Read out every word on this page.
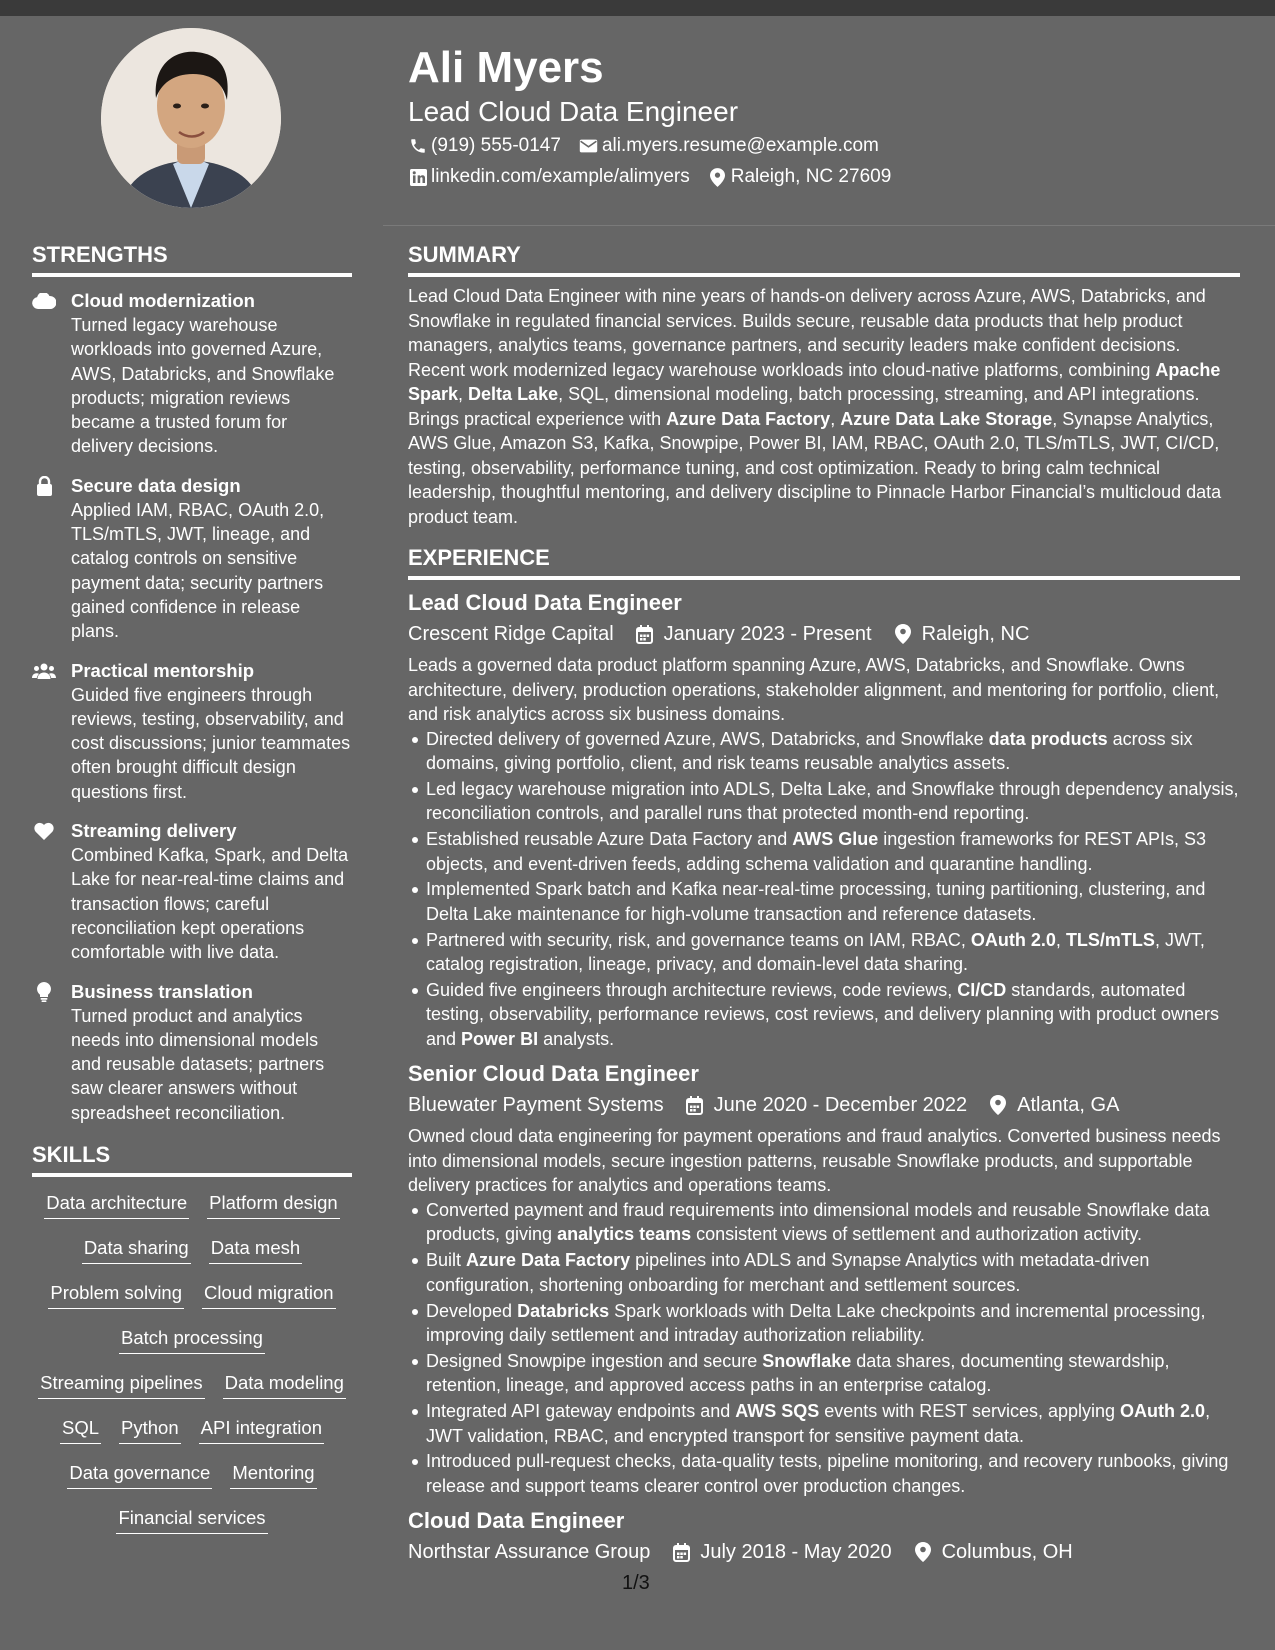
Ali Myers
Lead Cloud Data Engineer
(919) 555-0147 ali.myers.resume@example.com
linkedin.com/example/alimyers Raleigh, NC 27609
STRENGTHS
Cloud modernization
Turned legacy warehouse workloads into governed Azure, AWS, Databricks, and Snowflake products; migration reviews became a trusted forum for delivery decisions.
Secure data design
Applied IAM, RBAC, OAuth 2.0, TLS/mTLS, JWT, lineage, and catalog controls on sensitive payment data; security partners gained confidence in release plans.
Practical mentorship
Guided five engineers through reviews, testing, observability, and cost discussions; junior teammates often brought difficult design questions first.
Streaming delivery
Combined Kafka, Spark, and Delta Lake for near-real-time claims and transaction flows; careful reconciliation kept operations comfortable with live data.
Business translation
Turned product and analytics needs into dimensional models and reusable datasets; partners saw clearer answers without spreadsheet reconciliation.
SKILLS
Data architecture Platform design
Data sharing Data mesh
Problem solving Cloud migration
Batch processing
Streaming pipelines Data modeling
SQL Python API integration
Data governance Mentoring
Financial services
SUMMARY

Lead Cloud Data Engineer with nine years of hands-on delivery across Azure, AWS, Databricks, and Snowflake in regulated financial services. Builds secure, reusable data products that help product managers, analytics teams, governance partners, and security leaders make confident decisions. Recent work modernized legacy warehouse workloads into cloud-native platforms, combining Apache Spark, Delta Lake, SQL, dimensional modeling, batch processing, streaming, and API integrations. Brings practical experience with Azure Data Factory, Azure Data Lake Storage, Synapse Analytics, AWS Glue, Amazon S3, Kafka, Snowpipe, Power BI, IAM, RBAC, OAuth 2.0, TLS/mTLS, JWT, CI/CD, testing, observability, performance tuning, and cost optimization. Ready to bring calm technical leadership, thoughtful mentoring, and delivery discipline to Pinnacle Harbor Financial’s multicloud data product team.

EXPERIENCE
Lead Cloud Data Engineer
Crescent Ridge Capital	January 2023 - Present	Raleigh, NC

Leads a governed data product platform spanning Azure, AWS, Databricks, and Snowflake. Owns architecture, delivery, production operations, stakeholder alignment, and mentoring for portfolio, client, and risk analytics across six business domains.

Directed delivery of governed Azure, AWS, Databricks, and Snowflake data products across six domains, giving portfolio, client, and risk teams reusable analytics assets.
Led legacy warehouse migration into ADLS, Delta Lake, and Snowflake through dependency analysis, reconciliation controls, and parallel runs that protected month-end reporting.
Established reusable Azure Data Factory and AWS Glue ingestion frameworks for REST APIs, S3 objects, and event-driven feeds, adding schema validation and quarantine handling.
Implemented Spark batch and Kafka near-real-time processing, tuning partitioning, clustering, and Delta Lake maintenance for high-volume transaction and reference datasets.
Partnered with security, risk, and governance teams on IAM, RBAC, OAuth 2.0, TLS/mTLS, JWT, catalog registration, lineage, privacy, and domain-level data sharing.
Guided five engineers through architecture reviews, code reviews, CI/CD standards, automated testing, observability, performance reviews, cost reviews, and delivery planning with product owners and Power BI analysts.
Senior Cloud Data Engineer
Bluewater Payment Systems	June 2020 - December 2022	Atlanta, GA

Owned cloud data engineering for payment operations and fraud analytics. Converted business needs into dimensional models, secure ingestion patterns, reusable Snowflake products, and supportable delivery practices for analytics and operations teams.

Converted payment and fraud requirements into dimensional models and reusable Snowflake data products, giving analytics teams consistent views of settlement and authorization activity.
Built Azure Data Factory pipelines into ADLS and Synapse Analytics with metadata-driven configuration, shortening onboarding for merchant and settlement sources.
Developed Databricks Spark workloads with Delta Lake checkpoints and incremental processing, improving daily settlement and intraday authorization reliability.
Designed Snowpipe ingestion and secure Snowflake data shares, documenting stewardship, retention, lineage, and approved access paths in an enterprise catalog.
Integrated API gateway endpoints and AWS SQS events with REST services, applying OAuth 2.0, JWT validation, RBAC, and encrypted transport for sensitive payment data.
Introduced pull-request checks, data-quality tests, pipeline monitoring, and recovery runbooks, giving release and support teams clearer control over production changes.
Cloud Data Engineer
Northstar Assurance Group	July 2018 - May 2020	Columbus, OH
1/3
